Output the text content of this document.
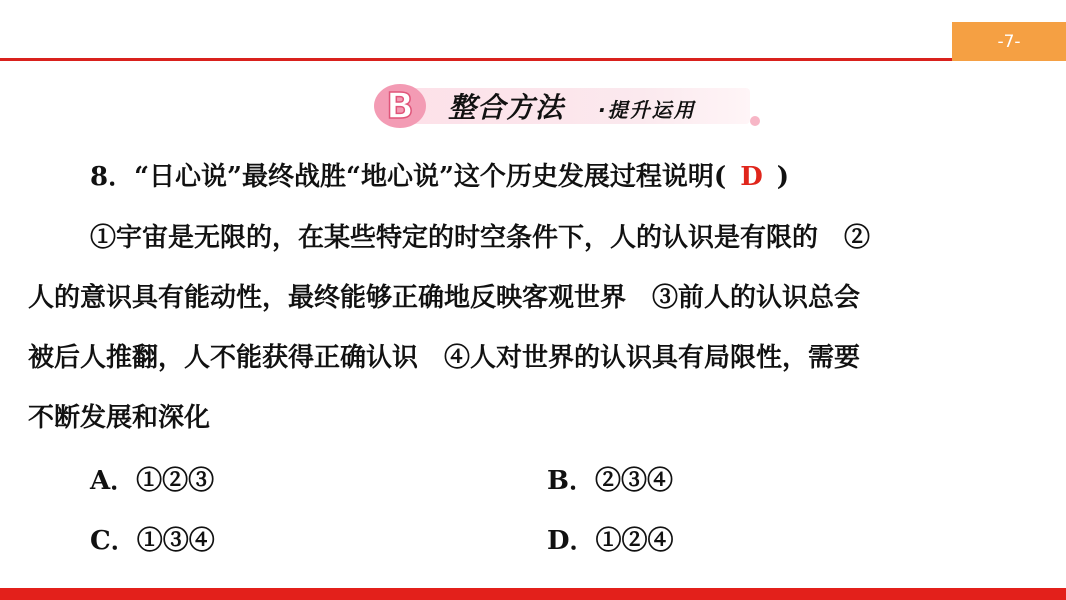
-7-
B 整合方法 ·提升运用
8．“日心说”最终战胜“地心说”这个历史发展过程说明( D )
①宇宙是无限的，在某些特定的时空条件下，人的认识是有限的　②
人的意识具有能动性，最终能够正确地反映客观世界　③前人的认识总会
被后人推翻，人不能获得正确认识　④人对世界的认识具有局限性，需要
不断发展和深化
A．①②③	B．②③④
C．①③④	D．①②④
